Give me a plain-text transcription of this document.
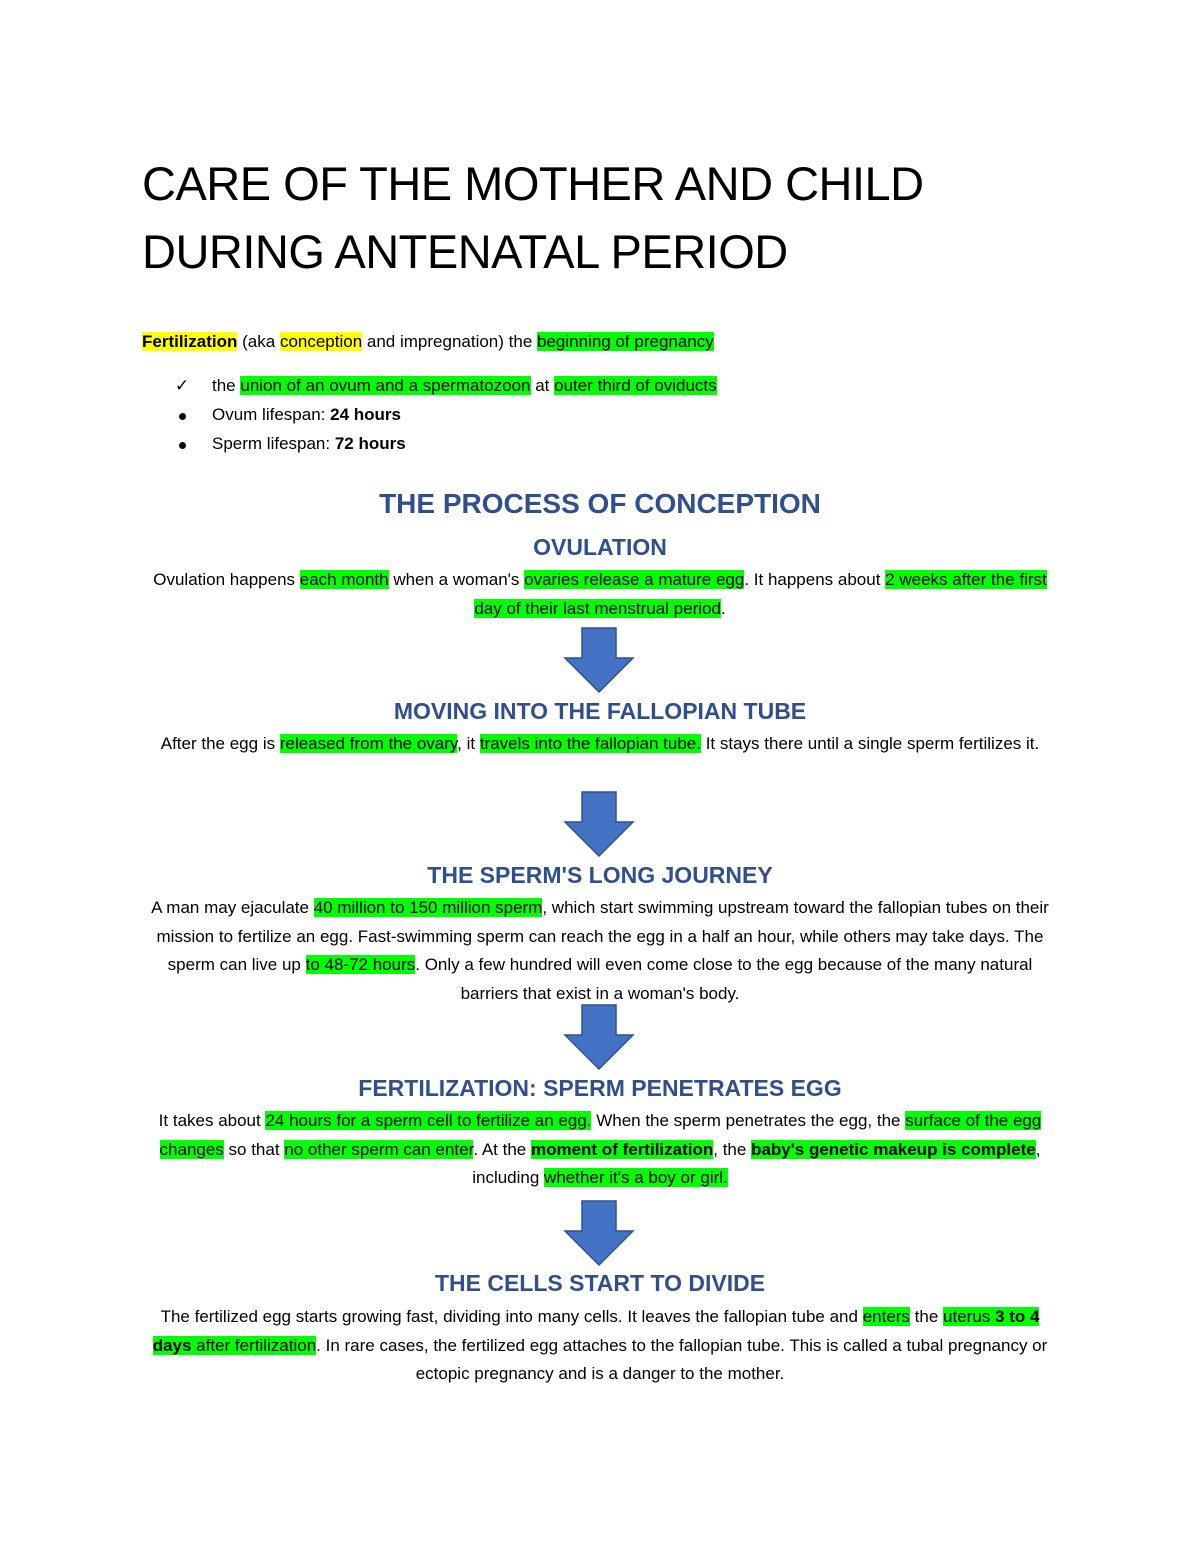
CARE OF THE MOTHER AND CHILD
DURING ANTENATAL PERIOD

Fertilization (aka conception and impregnation) the beginning of pregnancy

✓ the union of an ovum and a spermatozoon at outer third of oviducts
Ovum lifespan: 24 hours
Sperm lifespan: 72 hours
THE PROCESS OF CONCEPTION
OVULATION

Ovulation happens each month when a woman's ovaries release a mature egg. It happens about 2 weeks after the first day of their last menstrual period.

MOVING INTO THE FALLOPIAN TUBE

After the egg is released from the ovary, it travels into the fallopian tube. It stays there until a single sperm fertilizes it.

THE SPERM'S LONG JOURNEY

A man may ejaculate 40 million to 150 million sperm, which start swimming upstream toward the fallopian tubes on their mission to fertilize an egg. Fast-swimming sperm can reach the egg in a half an hour, while others may take days. The sperm can live up to 48-72 hours. Only a few hundred will even come close to the egg because of the many natural barriers that exist in a woman's body.

FERTILIZATION: SPERM PENETRATES EGG

It takes about 24 hours for a sperm cell to fertilize an egg. When the sperm penetrates the egg, the surface of the egg changes so that no other sperm can enter. At the moment of fertilization, the baby's genetic makeup is complete, including whether it's a boy or girl.

THE CELLS START TO DIVIDE

The fertilized egg starts growing fast, dividing into many cells. It leaves the fallopian tube and enters the uterus 3 to 4 days after fertilization. In rare cases, the fertilized egg attaches to the fallopian tube. This is called a tubal pregnancy or ectopic pregnancy and is a danger to the mother.
